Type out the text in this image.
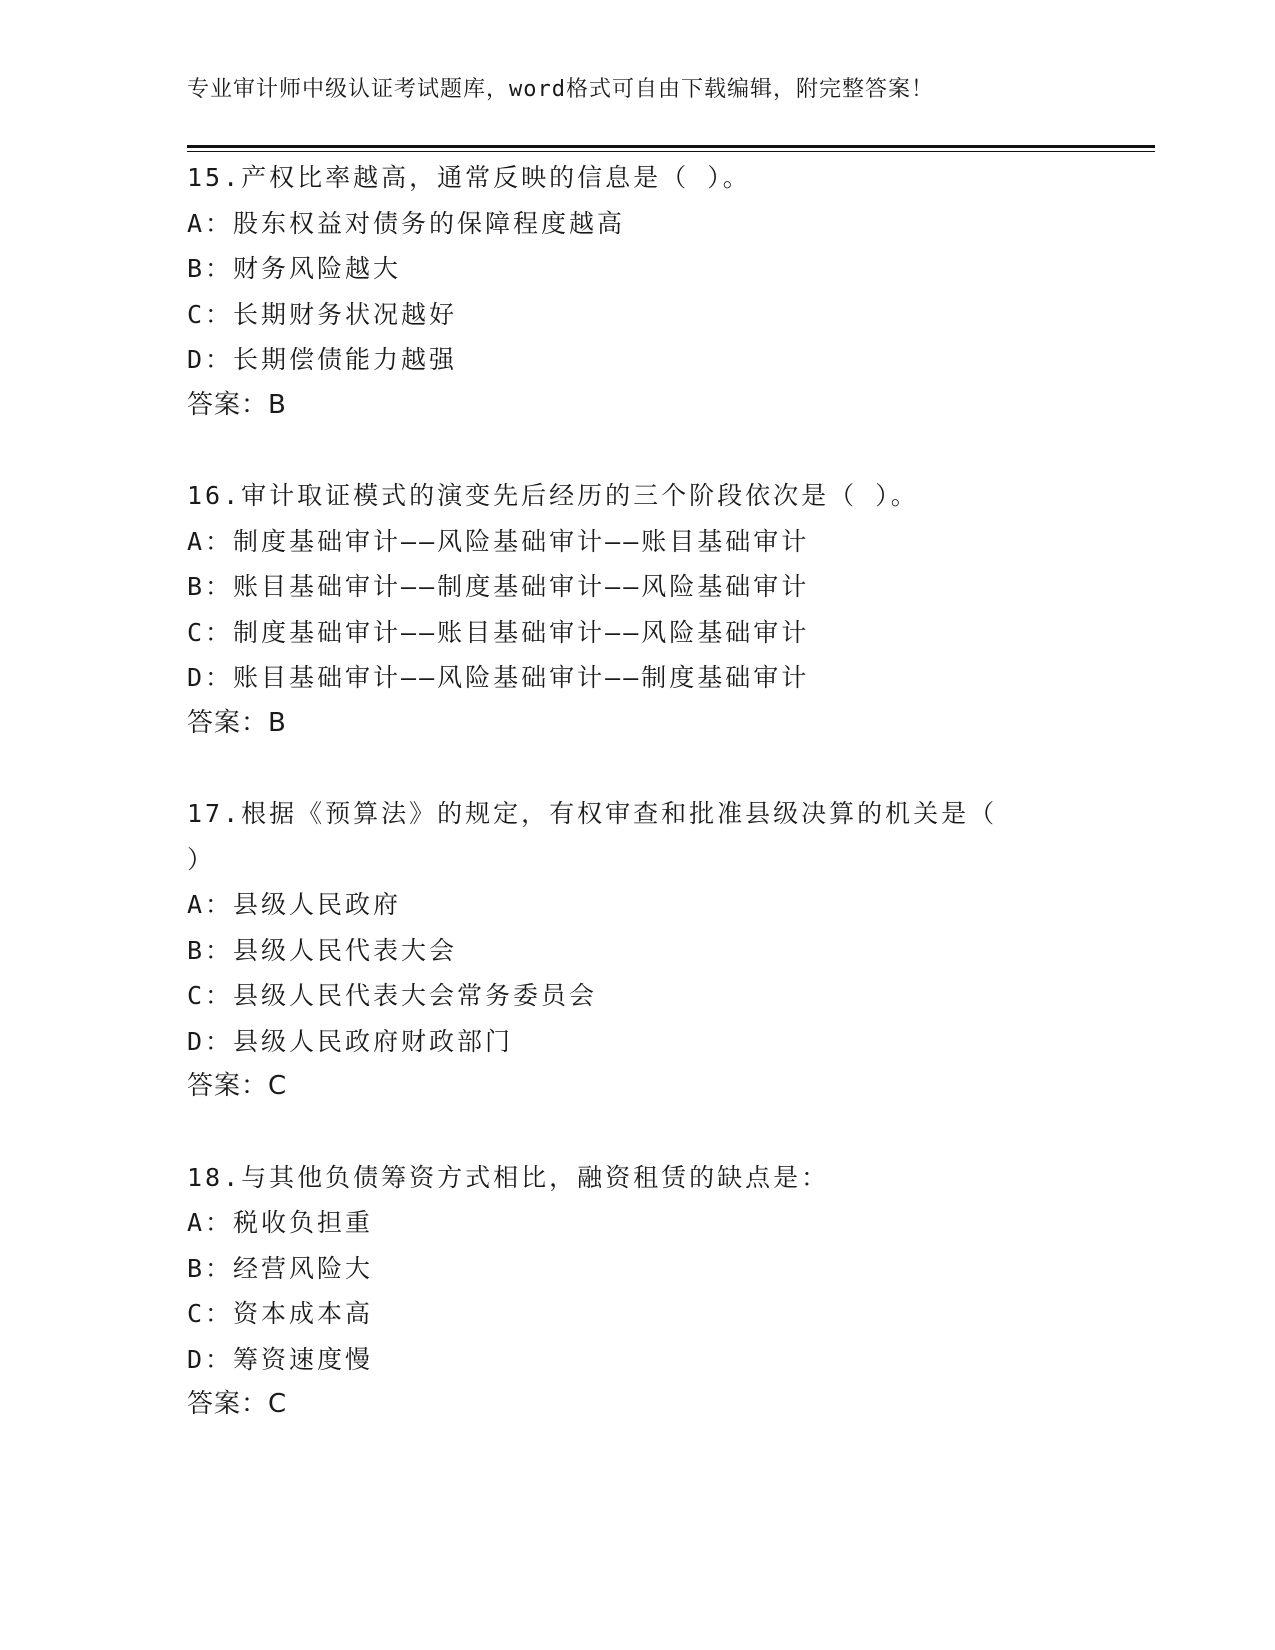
专业审计师中级认证考试题库，word格式可自由下载编辑，附完整答案！
15.产权比率越高，通常反映的信息是（ ）。
A：股东权益对债务的保障程度越高
B：财务风险越大
C：长期财务状况越好
D：长期偿债能力越强
答案：B
16.审计取证模式的演变先后经历的三个阶段依次是（ ）。
A：制度基础审计——风险基础审计——账目基础审计
B：账目基础审计——制度基础审计——风险基础审计
C：制度基础审计——账目基础审计——风险基础审计
D：账目基础审计——风险基础审计——制度基础审计
答案：B
17.根据《预算法》的规定，有权审查和批准县级决算的机关是（
）
A：县级人民政府
B：县级人民代表大会
C：县级人民代表大会常务委员会
D：县级人民政府财政部门
答案：C
18.与其他负债筹资方式相比，融资租赁的缺点是：
A：税收负担重
B：经营风险大
C：资本成本高
D：筹资速度慢
答案：C
